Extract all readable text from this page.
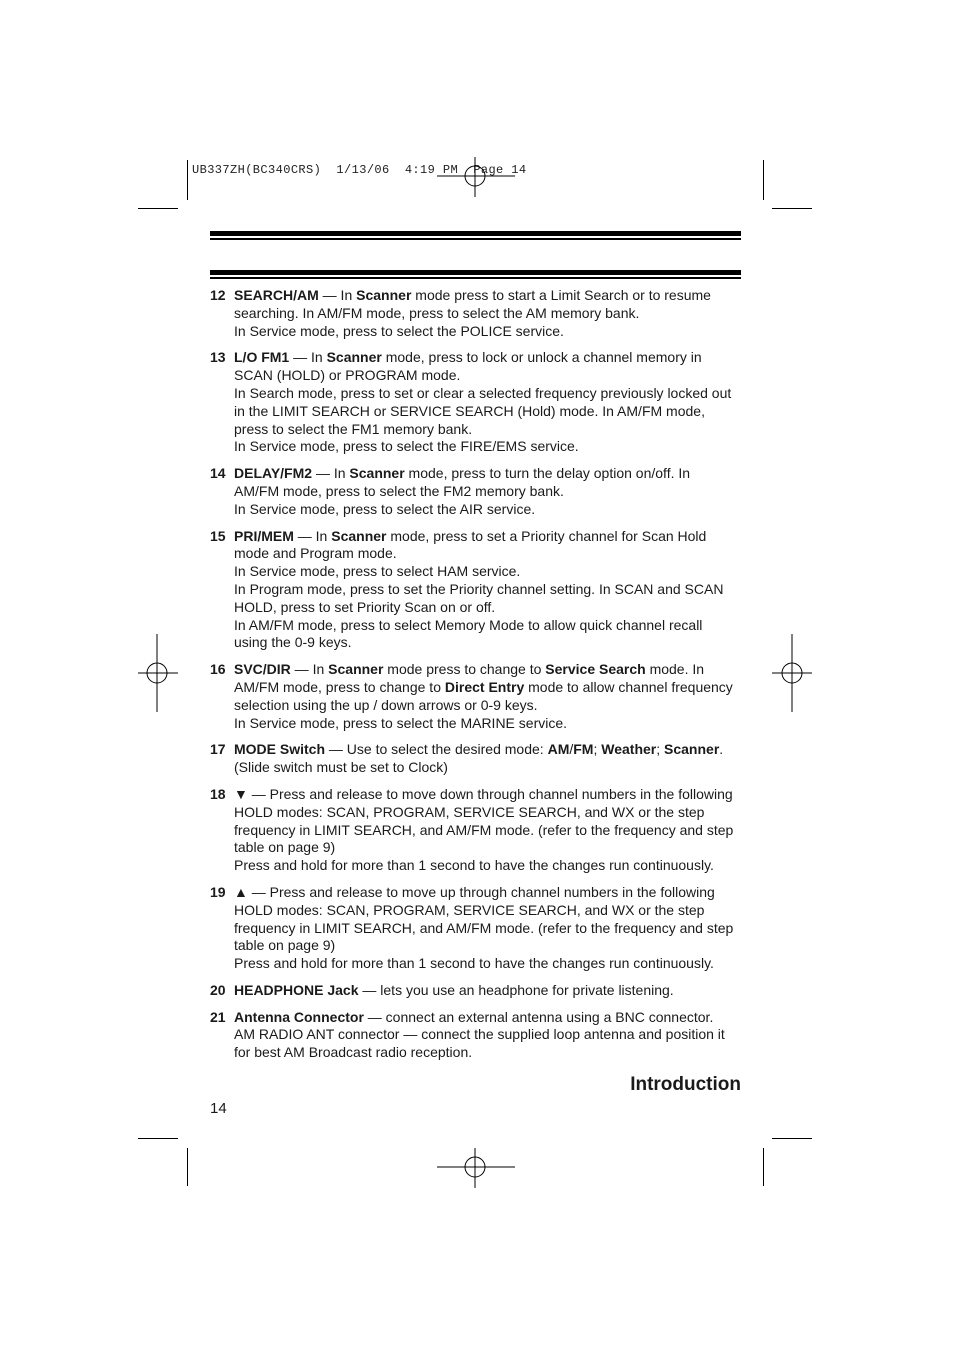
UB337ZH(BC340CRS)  1/13/06  4:19 PM  Page 14
12 SEARCH/AM — In Scanner mode press to start a Limit Search or to resume searching. In AM/FM mode, press to select the AM memory bank.

In Service mode, press to select the POLICE service.

13 L/O FM1 — In Scanner mode, press to lock or unlock a channel memory in SCAN (HOLD) or PROGRAM mode.

In Search mode, press to set or clear a selected frequency previously locked out in the LIMIT SEARCH or SERVICE SEARCH (Hold) mode. In AM/FM mode, press to select the FM1 memory bank.

In Service mode, press to select the FIRE/EMS service.

14 DELAY/FM2 — In Scanner mode, press to turn the delay option on/off. In AM/FM mode, press to select the FM2 memory bank.

In Service mode, press to select the AIR service.

15 PRI/MEM — In Scanner mode, press to set a Priority channel for Scan Hold mode and Program mode.

In Service mode, press to select HAM service.

In Program mode, press to set the Priority channel setting. In SCAN and SCAN HOLD, press to set Priority Scan on or off.

In AM/FM mode, press to select Memory Mode to allow quick channel recall using the 0-9 keys.

16 SVC/DIR — In Scanner mode press to change to Service Search mode. In AM/FM mode, press to change to Direct Entry mode to allow channel frequency selection using the up / down arrows or 0-9 keys.

In Service mode, press to select the MARINE service.

17 MODE Switch — Use to select the desired mode: AM/FM; Weather; Scanner. (Slide switch must be set to Clock)

18 ▼ — Press and release to move down through channel numbers in the following HOLD modes: SCAN, PROGRAM, SERVICE SEARCH, and WX or the step frequency in LIMIT SEARCH, and AM/FM mode. (refer to the frequency and step table on page 9)

Press and hold for more than 1 second to have the changes run continuously.

19 ▲ — Press and release to move up through channel numbers in the following HOLD modes: SCAN, PROGRAM, SERVICE SEARCH, and WX or the step frequency in LIMIT SEARCH, and AM/FM mode. (refer to the frequency and step table on page 9)

Press and hold for more than 1 second to have the changes run continuously.

20 HEADPHONE Jack — lets you use an headphone for private listening.

21 Antenna Connector — connect an external antenna using a BNC connector.

AM RADIO ANT connector — connect the supplied loop antenna and position it for best AM Broadcast radio reception.

Introduction
14
